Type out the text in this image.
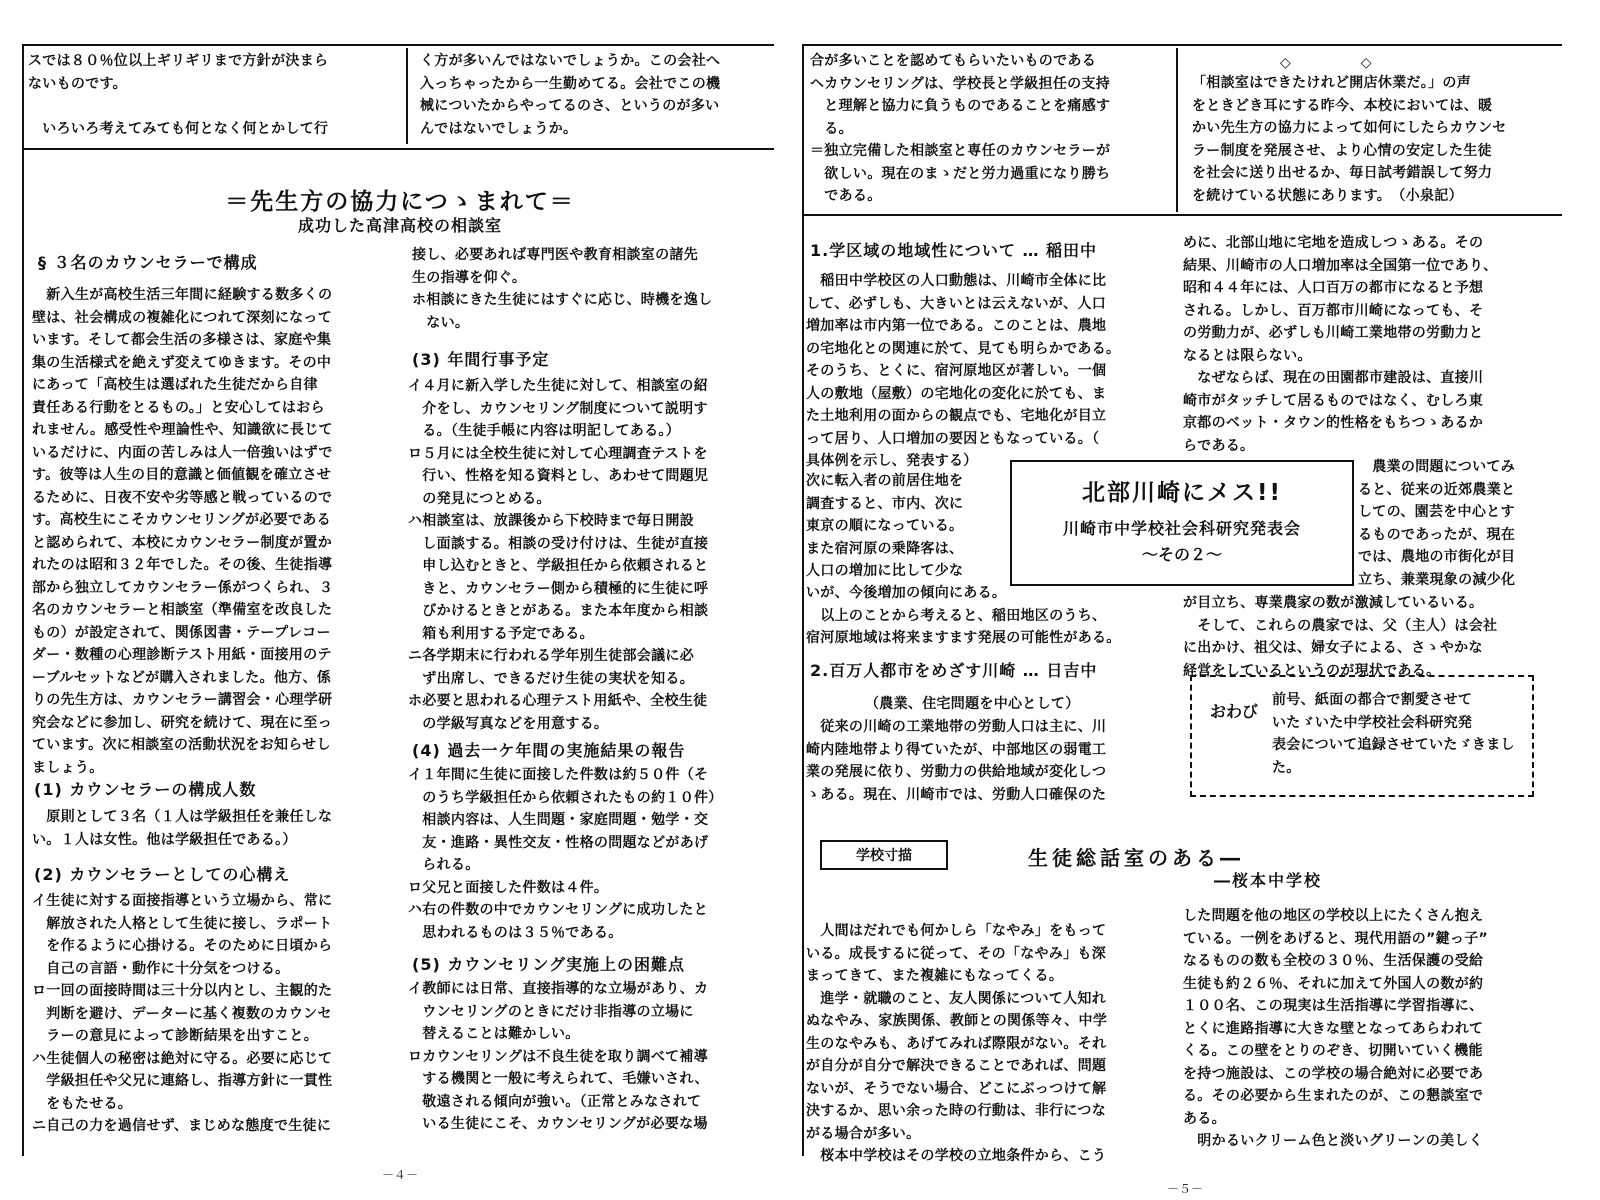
スでは８０％位以上ギリギリまで方針が決まら
ないものです。

　いろいろ考えてみても何となく何とかして行
く方が多いんではないでしょうか。この会社へ
入っちゃったから一生勤めてる。会社でこの機
械についたからやってるのさ、というのが多い
んではないでしょうか。
＝先生方の協力につゝまれて＝
成功した高津高校の相談室
§ ３名のカウンセラーで構成
　新入生が高校生活三年間に経験する数多くの
壁は、社会構成の複雑化につれて深刻になって
います。そして都会生活の多様さは、家庭や集
集の生活様式を絶えず変えてゆきます。その中
にあって「高校生は選ばれた生徒だから自律
責任ある行動をとるもの。」と安心してはおら
れません。感受性や理論性や、知識欲に長じて
いるだけに、内面の苦しみは人一倍強いはずで
す。彼等は人生の目的意識と価値観を確立させ
るために、日夜不安や劣等感と戦っているので
す。高校生にこそカウンセリングが必要である
と認められて、本校にカウンセラー制度が置か
れたのは昭和３２年でした。その後、生徒指導
部から独立してカウンセラー係がつくられ、３
名のカウンセラーと相談室（準備室を改良した
もの）が設定されて、関係図書・テープレコー
ダー・数種の心理診断テスト用紙・面接用のテ
ーブルセットなどが購入されました。他方、係
りの先生方は、カウンセラー講習会・心理学研
究会などに参加し、研究を続けて、現在に至っ
ています。次に相談室の活動状況をお知らせし
ましょう。
(1) カウンセラーの構成人数
　原則として３名（１人は学級担任を兼任しな
い。１人は女性。他は学級担任である。）
(2) カウンセラーとしての心構え
イ生徒に対する面接指導という立場から、常に
　解放された人格として生徒に接し、ラポート
　を作るように心掛ける。そのために日頃から
　自己の言語・動作に十分気をつける。
ロ一回の面接時間は三十分以内とし、主観的た
　判断を避け、データーに基く複数のカウンセ
　ラーの意見によって診断結果を出すこと。
ハ生徒個人の秘密は絶対に守る。必要に応じて
　学級担任や父兄に連絡し、指導方針に一貫性
　をもたせる。
ニ自己の力を過信せず、まじめな態度で生徒に
接し、必要あれば専門医や教育相談室の諸先
生の指導を仰ぐ。
ホ相談にきた生徒にはすぐに応じ、時機を逸し
　ない。
(3) 年間行事予定
イ４月に新入学した生徒に対して、相談室の紹
　介をし、カウンセリング制度について説明す
　る。（生徒手帳に内容は明記してある。）
ロ５月には全校生徒に対して心理調査テストを
　行い、性格を知る資料とし、あわせて問題児
　の発見につとめる。
ハ相談室は、放課後から下校時まで毎日開設
　し面談する。相談の受け付けは、生徒が直接
　申し込むときと、学級担任から依頼されると
　きと、カウンセラー側から積極的に生徒に呼
　びかけるときとがある。また本年度から相談
　箱も利用する予定である。
ニ各学期末に行われる学年別生徒部会議に必
　ず出席し、できるだけ生徒の実状を知る。
ホ必要と思われる心理テスト用紙や、全校生徒
　の学級写真などを用意する。
(4) 過去一ケ年間の実施結果の報告
イ１年間に生徒に面接した件数は約５０件（そ
　のうち学級担任から依頼されたもの約１０件）
　相談内容は、人生問題・家庭問題・勉学・交
　友・進路・異性交友・性格の問題などがあげ
　られる。
ロ父兄と面接した件数は４件。
ハ右の件数の中でカウンセリングに成功したと
　思われるものは３５％である。
(5) カウンセリング実施上の困難点
イ教師には日常、直接指導的な立場があり、カ
　ウンセリングのときにだけ非指導の立場に
　替えることは難かしい。
ロカウンセリングは不良生徒を取り調べて補導
　する機関と一般に考えられて、毛嫌いされ、
　敬遠される傾向が強い。（正常とみなされて
　いる生徒にこそ、カウンセリングが必要な場
－４－
合が多いことを認めてもらいたいものである
ヘカウンセリングは、学校長と学級担任の支持
　と理解と協力に負うものであることを痛感す
　る。
＝独立完備した相談室と専任のカウンセラーが
　欲しい。現在のまゝだと労力過重になり勝ち
　である。
◇　　　　　◇
「相談室はできたけれど開店休業だ。」の声
をときどき耳にする昨今、本校においては、暖
かい先生方の協力によって如何にしたらカウンセ
ラー制度を発展させ、より心情の安定した生徒
を社会に送り出せるか、毎日試考錯誤して努力
を続けている状態にあります。　（小泉記）
1.学区域の地域性について … 稲田中
　稲田中学校区の人口動態は、川崎市全体に比
して、必ずしも、大きいとは云えないが、人口
増加率は市内第一位である。このことは、農地
の宅地化との関連に於て、見ても明らかである。
そのうち、とくに、宿河原地区が著しい。一個
人の敷地（屋敷）の宅地化の変化に於ても、ま
た土地利用の面からの観点でも、宅地化が目立
って居り、人口増加の要因ともなっている。（
具体例を示し、発表する）
次に転入者の前居住地を
調査すると、市内、次に
東京の順になっている。
また宿河原の乗降客は、
人口の増加に比して少な
いが、今後増加の傾向にある。
　以上のことから考えると、稲田地区のうち、
宿河原地域は将来ますます発展の可能性がある。
2.百万人都市をめざす川崎 … 日吉中
（農業、住宅問題を中心として）
　従来の川崎の工業地帯の労動人口は主に、川
崎内陸地帯より得ていたが、中部地区の弱電工
業の発展に依り、労動力の供給地域が変化しつ
ゝある。現在、川崎市では、労動人口確保のた
めに、北部山地に宅地を造成しつゝある。その
結果、川崎市の人口増加率は全国第一位であり、
昭和４４年には、人口百万の都市になると予想
される。しかし、百万都市川崎になっても、そ
の労動力が、必ずしも川崎工業地帯の労動力と
なるとは限らない。
　なぜならば、現在の田園都市建設は、直接川
崎市がタッチして居るものではなく、むしろ東
京都のベット・タウン的性格をもちつゝあるか
らである。
　農業の問題についてみ
ると、従来の近郊農業と
しての、園芸を中心とす
るものであったが、現在
では、農地の市街化が目
立ち、兼業現象の減少化
が目立ち、専業農家の数が激減しているいる。
　そして、これらの農家では、父（主人）は会社
に出かけ、祖父は、婦女子による、さゝやかな
経営をしているというのが現状である。
北部川崎にメス!!
川崎市中学校社会科研究発表会
～その２～
おわび
前号、紙面の都合で割愛させて
いたゞいた中学校社会科研究発
表会について追録させていたゞきました。
学校寸描	生徒総話室のある―
―桜本中学校
　人間はだれでも何かしら「なやみ」をもって
いる。成長するに従って、その「なやみ」も深
まってきて、また複雑にもなってくる。
　進学・就職のこと、友人関係について人知れ
ぬなやみ、家族関係、教師との関係等々、中学
生のなやみも、あげてみれば際限がない。それ
が自分が自分で解決できることであれば、問題
ないが、そうでない場合、どこにぶっつけて解
決するか、思い余った時の行動は、非行につな
がる場合が多い。
　桜本中学校はその学校の立地条件から、こう
した問題を他の地区の学校以上にたくさん抱え
ている。一例をあげると、現代用語の”鍵っ子”
なるものの数も全校の３０％、生活保護の受給
生徒も約２６％、それに加えて外国人の数が約
１００名、この現実は生活指導に学習指導に、
とくに進路指導に大きな壁となってあらわれて
くる。この壁をとりのぞき、切開いていく機能
を持つ施設は、この学校の場合絶対に必要であ
る。その必要から生まれたのが、この懇談室で
ある。
　明かるいクリーム色と淡いグリーンの美しく
－５－
